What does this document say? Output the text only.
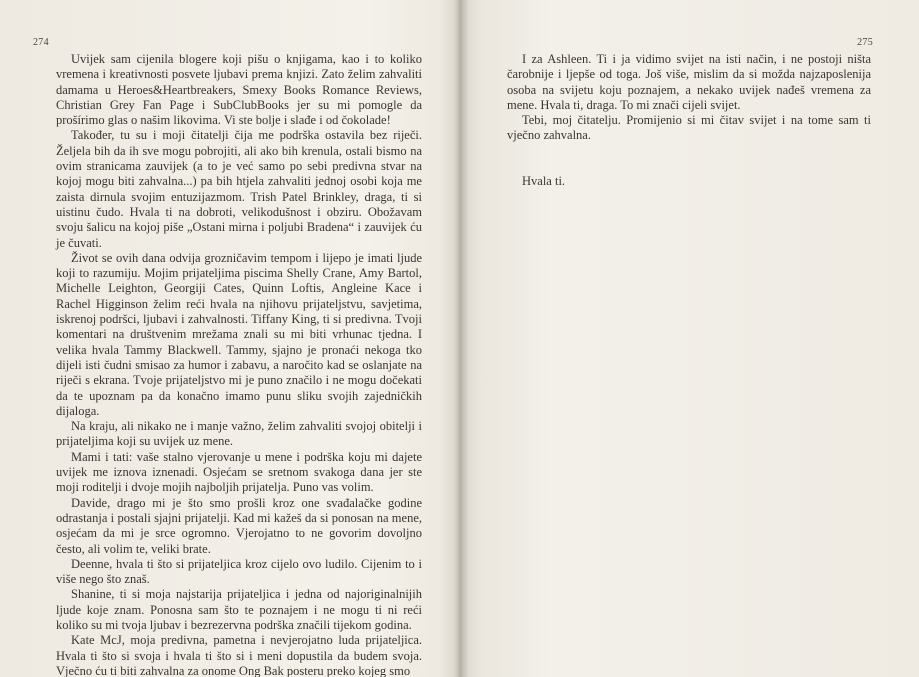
274

Uvijek sam cijenila blogere koji pišu o knjigama, kao i to koliko vremena i kreativnosti posvete ljubavi prema knjizi. Zato želim zahvaliti damama u Heroes&Heartbreakers, Smexy Books Romance Reviews, Christian Grey Fan Page i SubClubBooks jer su mi pomogle da prošírimo glas o našim likovima. Vi ste bolje i slađe i od čokolade!

Također, tu su i moji čitatelji čija me podrška ostavila bez riječi. Željela bih da ih sve mogu pobrojiti, ali ako bih krenula, ostali bismo na ovim stranicama zauvijek (a to je već samo po sebi predivna stvar na kojoj mogu biti zahvalna...) pa bih htjela zahvaliti jednoj osobi koja me zaista dirnula svojim entuzijazmom. Trish Patel Brinkley, draga, ti si uistinu čudo. Hvala ti na dobroti, velikodušnost i obziru. Obožavam svoju šalicu na kojoj piše „Ostani mirna i poljubi Bradena“ i zauvijek ću je čuvati.

Život se ovih dana odvija grozničavim tempom i lijepo je imati ljude koji to razumiju. Mojim prijateljima piscima Shelly Crane, Amy Bartol, Michelle Leighton, Georgiji Cates, Quinn Loftis, Angleine Kace i Rachel Higginson želim reći hvala na njihovu prijateljstvu, savjetima, iskrenoj podršci, ljubavi i zahvalnosti. Tiffany King, ti si predivna. Tvoji komentari na društvenim mrežama znali su mi biti vrhunac tjedna. I velika hvala Tammy Blackwell. Tammy, sjajno je pronaći nekoga tko dijeli isti čudni smisao za humor i zabavu, a naročito kad se oslanjate na riječi s ekrana. Tvoje prijateljstvo mi je puno značilo i ne mogu dočekati da te upoznam pa da konačno imamo punu sliku svojih zajedničkih dijaloga.

Na kraju, ali nikako ne i manje važno, želim zahvaliti svojoj obitelji i prijateljima koji su uvijek uz mene.

Mami i tati: vaše stalno vjerovanje u mene i podrška koju mi dajete uvijek me iznova iznenadi. Osjećam se sretnom svakoga dana jer ste moji roditelji i dvoje mojih najboljih prijatelja. Puno vas volim.

Davide, drago mi je što smo prošli kroz one svađalačke godine odrastanja i postali sjajni prijatelji. Kad mi kažeš da si ponosan na mene, osjećam da mi je srce ogromno. Vjerojatno to ne govorim dovoljno često, ali volim te, veliki brate.

Deenne, hvala ti što si prijateljica kroz cijelo ovo ludilo. Cijenim to i više nego što znaš.

Shanine, ti si moja najstarija prijateljica i jedna od najoriginalnijih ljude koje znam. Ponosna sam što te poznajem i ne mogu ti ni reći koliko su mi tvoja ljubav i bezrezervna podrška značili tijekom godina.

Kate McJ, moja predivna, pametna i nevjerojatno luda prijateljica. Hvala ti što si svoja i hvala ti što si i meni dopustila da budem svoja. Vječno ću ti biti zahvalna za onome Ong Bak posteru preko kojeg smo

275

I za Ashleen. Ti i ja vidimo svijet na isti način, i ne postoji ništa čarobnije i ljepše od toga. Još više, mislim da si možda najzaposlenija osoba na svijetu koju poznajem, a nekako uvijek nađeš vremena za mene. Hvala ti, draga. To mi znači cijeli svijet.

Tebi, moj čitatelju. Promijenio si mi čitav svijet i na tome sam ti vječno zahvalna.

Hvala ti.
